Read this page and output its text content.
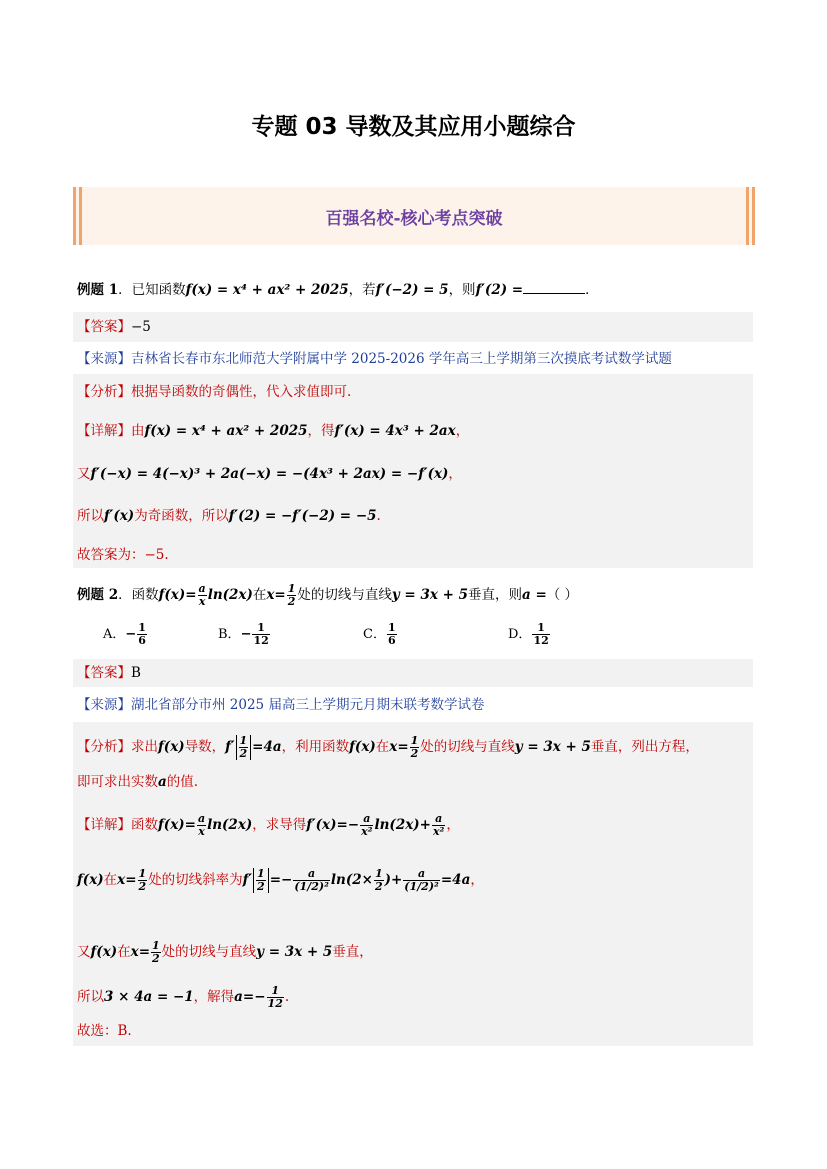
专题 03 导数及其应用小题综合
百强名校-核心考点突破
例题 1．已知函数f(x) = x⁴ + ax² + 2025，若f′(−2) = 5，则f′(2) =	．
【答案】−5
【来源】吉林省长春市东北师范大学附属中学 2025-2026 学年高三上学期第三次摸底考试数学试题
【分析】根据导函数的奇偶性，代入求值即可.
【详解】由f(x) = x⁴ + ax² + 2025，得f′(x) = 4x³ + 2ax，
又f′(−x) = 4(−x)³ + 2a(−x) = −(4x³ + 2ax) = −f′(x)，
所以f′(x)为奇函数，所以f′(2) = −f′(−2) = −5.
故答案为：−5.
例题 2．函数$f(x)= \frac{a}{x} \ln(2x)$在$x= \frac{1}{2}$ 处的切线与直线y = 3x + 5垂直，则a =（ ）
A．− $\frac{1}{6}$	B．− $\frac{1}{12}$	C． $\frac{1}{6}$	D． $\frac{1}{12}$
【答案】B
【来源】湖北省部分市州 2025 届高三上学期元月期末联考数学试卷
【分析】求出f(x)导数，$f' \frac{1}{2} =4a$，利用函数f(x)在$x= \frac{1}{2}$ 处的切线与直线y = 3x + 5垂直，列出方程，
即可求出实数a的值.
【详解】函数$f(x)= \frac{a}{x} \ln(2x)$，求导得$f'(x)=- \frac{a}{\text{x²}} \ln(2x)+ \frac{a}{\text{x²}}$ ，
f(x)在$x= \frac{1}{2}$ 处的切线斜率为$f' \frac{1}{2} =- \frac{a}{\text{(1/2)²}} \ln(2\times \frac{1}{2}$ )+ $\frac{a}{\text{(1/2)²}} =4a$，
又f(x)在$x= \frac{1}{2}$ 处的切线与直线y = 3x + 5垂直，
所以3 × 4a = −1，解得$a=- \frac{1}{12}$ .
故选：B.
